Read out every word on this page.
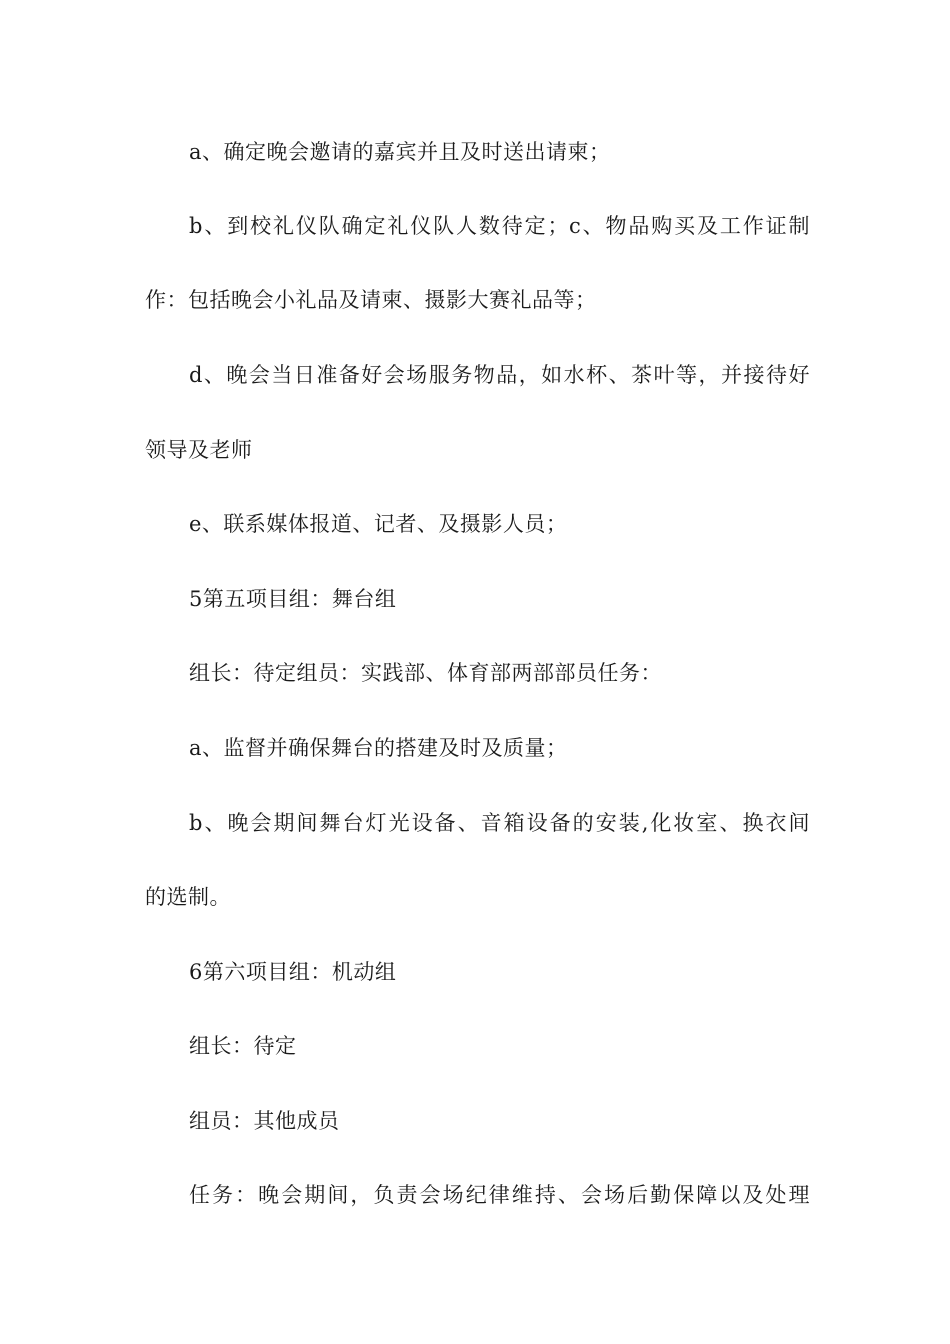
a、确定晚会邀请的嘉宾并且及时送出请柬；
b、到校礼仪队确定礼仪队人数待定；c、物品购买及工作证制
作：包括晚会小礼品及请柬、摄影大赛礼品等；
d、晚会当日准备好会场服务物品，如水杯、茶叶等，并接待好
领导及老师
e、联系媒体报道、记者、及摄影人员；
5第五项目组：舞台组
组长：待定组员：实践部、体育部两部部员任务：
a、监督并确保舞台的搭建及时及质量；
b、晚会期间舞台灯光设备、音箱设备的安装,化妆室、换衣间
的选制。
6第六项目组：机动组
组长：待定
组员：其他成员
任务：晚会期间，负责会场纪律维持、会场后勤保障以及处理
